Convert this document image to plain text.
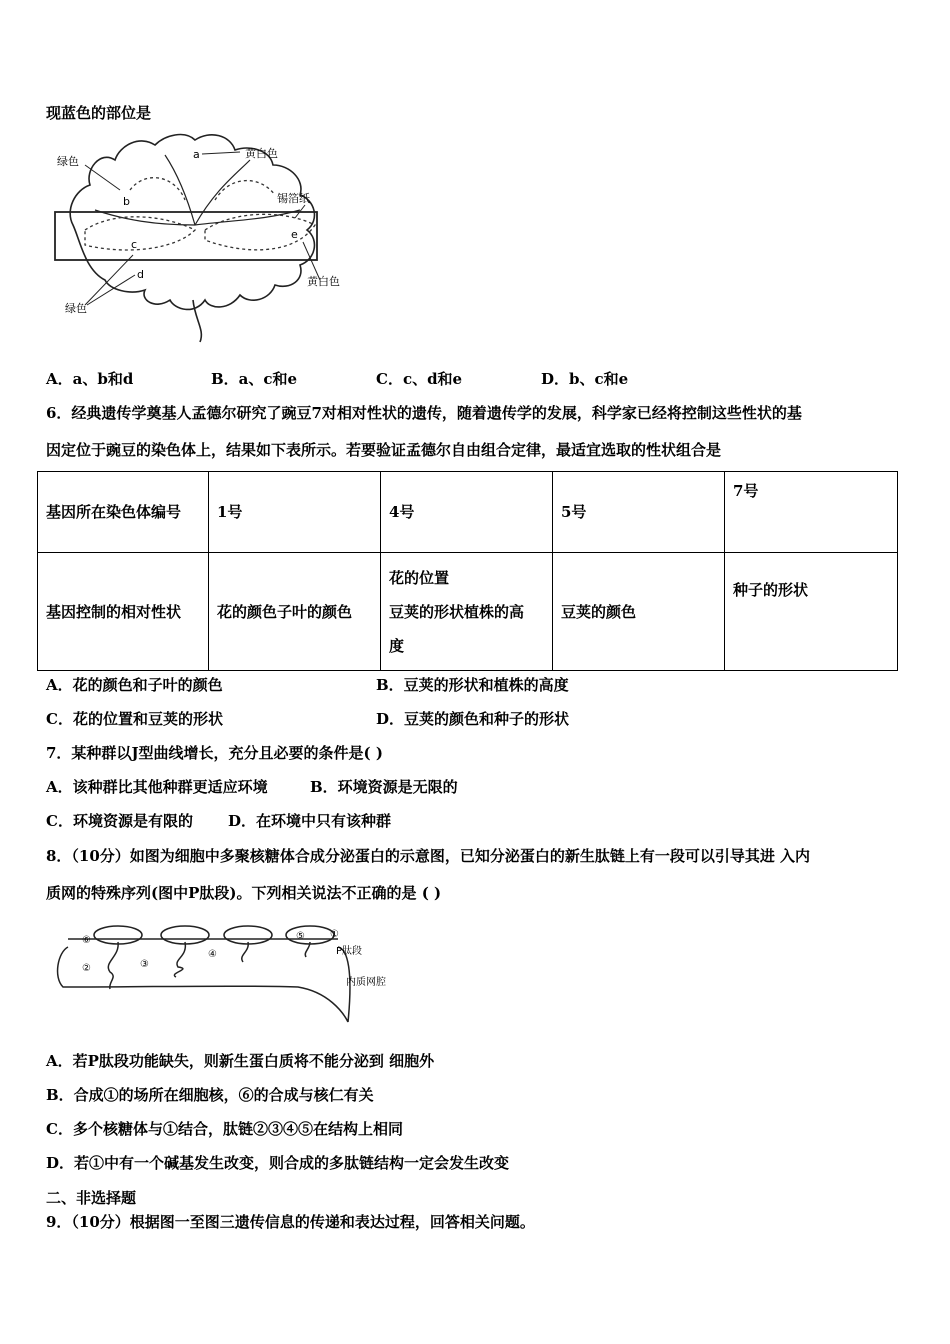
现蓝色的部位是
绿色
b
a	黄白色
锡箔纸
c
e
d
黄白色
绿色
A．a、b和d	B．a、c和e	C．c、d和e	D．b、c和e
6．经典遗传学奠基人孟德尔研究了豌豆7对相对性状的遗传，随着遗传学的发展，科学家已经将控制这些性状的基
因定位于豌豆的染色体上，结果如下表所示。若要验证孟德尔自由组合定律，最适宜选取的性状组合是
基因所在染色体编号	1号	4号	5号	7号
基因控制的相对性状	花的颜色子叶的颜色	花的位置
豆荚的形状植株的高
度	豆荚的颜色	种子的形状
A．花的颜色和子叶的颜色	B．豆荚的形状和植株的高度
C．花的位置和豆荚的形状	D．豆荚的颜色和种子的形状
7．某种群以J型曲线增长，充分且必要的条件是( )
A．该种群比其他种群更适应环境	B．环境资源是无限的
C．环境资源是有限的 D．在环境中只有该种群
8．（10分）如图为细胞中多聚核糖体合成分泌蛋白的示意图，已知分泌蛋白的新生肽链上有一段可以引导其进 入内
质网的特殊序列(图中P肽段)。下列相关说法不正确的是 ( )
⑥
②	③
④
⑤	①
P肽段
内质网腔
A．若P肽段功能缺失，则新生蛋白质将不能分泌到 细胞外
B．合成①的场所在细胞核，⑥的合成与核仁有关
C．多个核糖体与①结合，肽链②③④⑤在结构上相同
D．若①中有一个碱基发生改变，则合成的多肽链结构一定会发生改变
二、非选择题
9．（10分）根据图一至图三遗传信息的传递和表达过程，回答相关问题。
